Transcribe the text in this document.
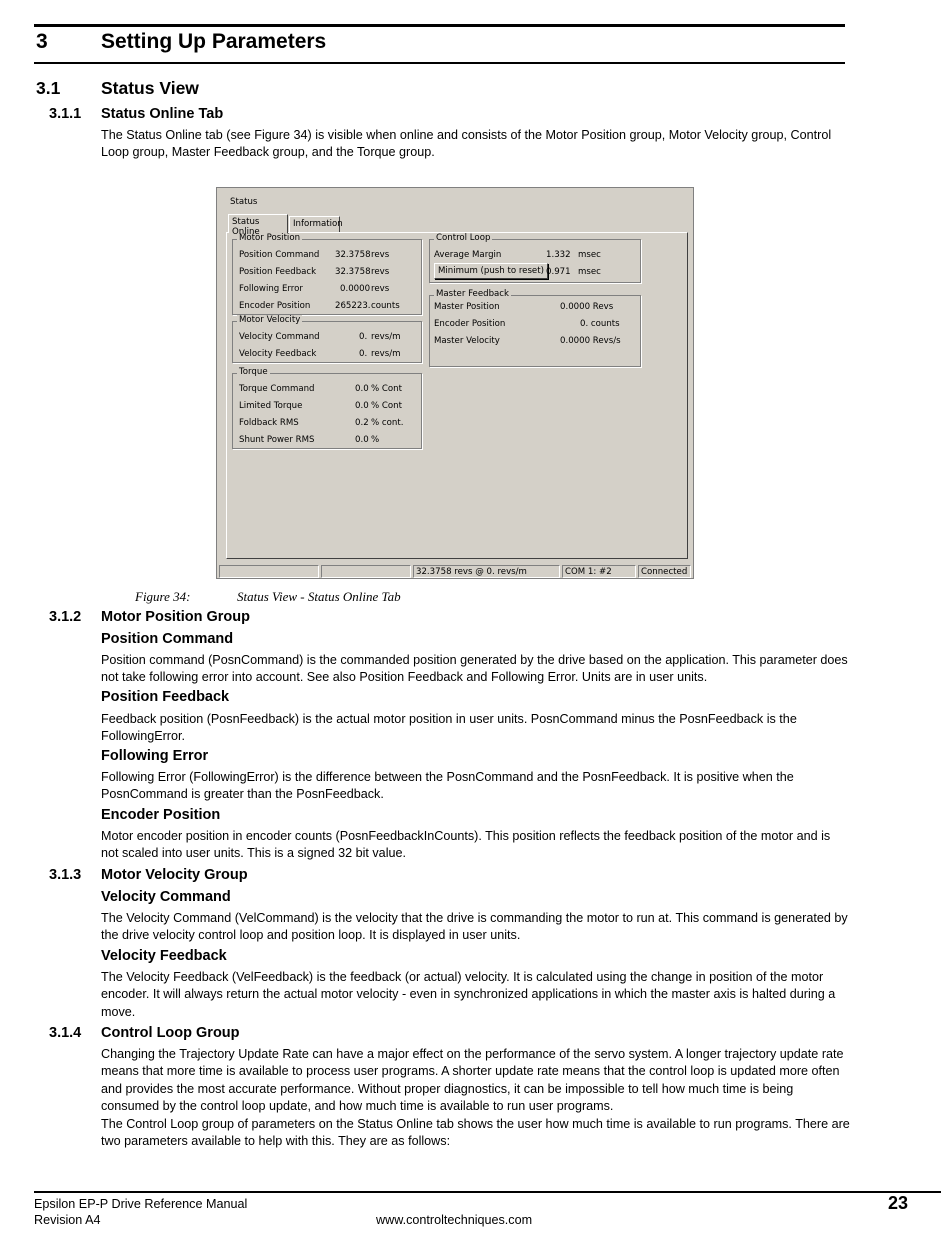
3	Setting Up Parameters
3.1 Status View
3.1.1 Status Online Tab
The Status Online tab (see Figure 34) is visible when online and consists of the Motor Position group, Motor Velocity group, Control Loop group, Master Feedback group, and the Torque group.
Status
Status Online
Information
Motor Position
Position Command 32.3758 revs
Position Feedback 32.3758 revs
Following Error	0.0000 revs
Encoder Position	265223. counts
Motor Velocity
Velocity Command	0. revs/m
Velocity Feedback	0. revs/m
Torque
Torque Command	0.0 % Cont
Limited Torque	0.0 % Cont
Foldback RMS	0.2 % cont.
Shunt Power RMS	0.0 %
Control Loop
Average Margin	1.332 msec
Minimum (push to reset) 0.971 msec
Master Feedback
Master Position	0.0000 Revs
Encoder Position	0. counts
Master Velocity	0.0000 Revs/s
32.3758 revs @ 0. revs/m	COM 1: #2	Connected
Figure 34:	Status View - Status Online Tab
3.1.2 Motor Position Group
Position Command
Position command (PosnCommand) is the commanded position generated by the drive based on the application. This parameter does not take following error into account. See also Position Feedback and Following Error. Units are in user units.
Position Feedback
Feedback position (PosnFeedback) is the actual motor position in user units. PosnCommand minus the PosnFeedback is the FollowingError.
Following Error
Following Error (FollowingError) is the difference between the PosnCommand and the PosnFeedback. It is positive when the PosnCommand is greater than the PosnFeedback.
Encoder Position
Motor encoder position in encoder counts (PosnFeedbackInCounts). This position reflects the feedback position of the motor and is not scaled into user units. This is a signed 32 bit value.
3.1.3 Motor Velocity Group
Velocity Command
The Velocity Command (VelCommand) is the velocity that the drive is commanding the motor to run at. This command is generated by the drive velocity control loop and position loop. It is displayed in user units.
Velocity Feedback
The Velocity Feedback (VelFeedback) is the feedback (or actual) velocity. It is calculated using the change in position of the motor encoder. It will always return the actual motor velocity - even in synchronized applications in which the master axis is halted during a move.
3.1.4 Control Loop Group
Changing the Trajectory Update Rate can have a major effect on the performance of the servo system. A longer trajectory update rate means that more time is available to process user programs. A shorter update rate means that the control loop is updated more often and provides the most accurate performance. Without proper diagnostics, it can be impossible to tell how much time is being consumed by the control loop update, and how much time is available to run user programs.
The Control Loop group of parameters on the Status Online tab shows the user how much time is available to run programs. There are two parameters available to help with this. They are as follows:
Epsilon EP-P Drive Reference Manual
Revision A4	www.controltechniques.com
23
